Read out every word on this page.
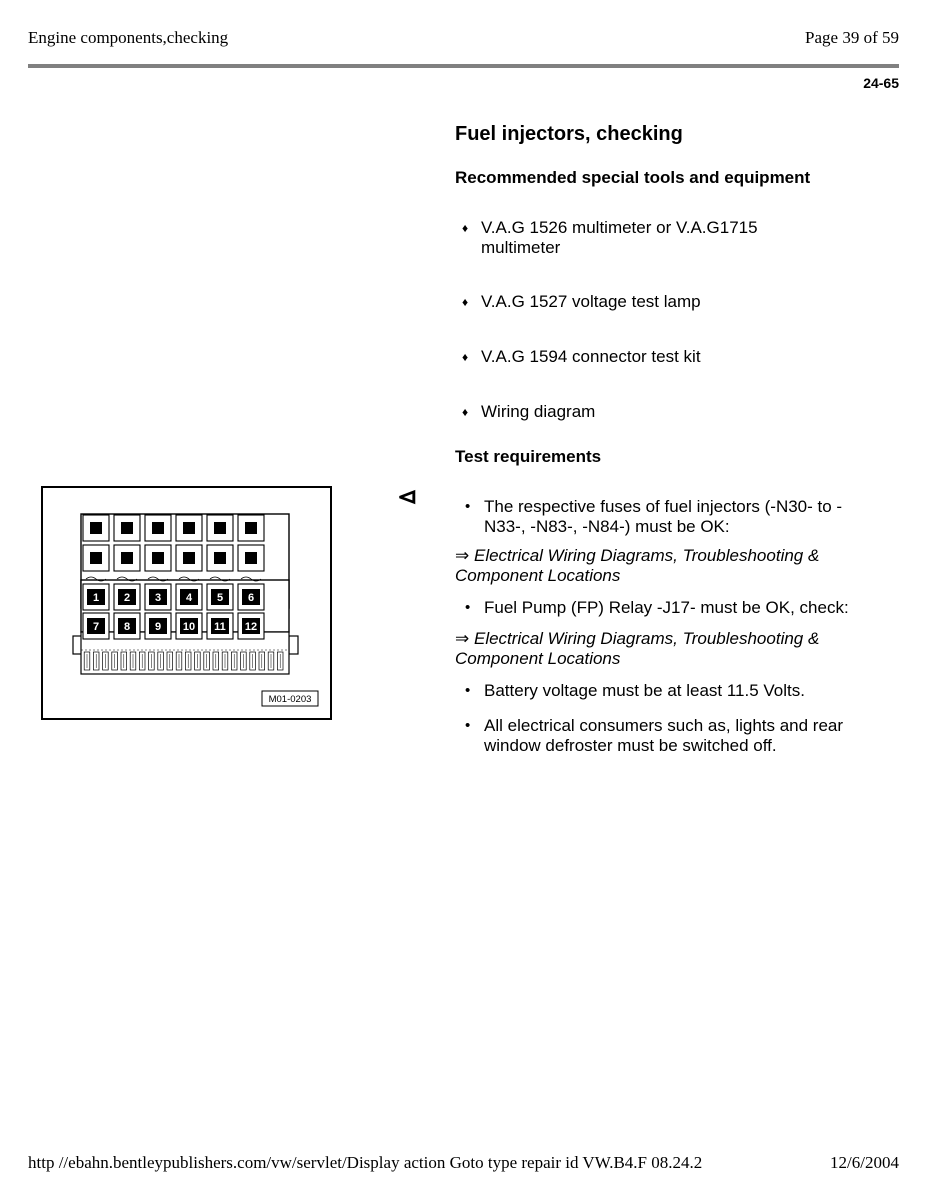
Engine components,checking	Page 39 of 59
24-65
Fuel injectors, checking
Recommended special tools and equipment
♦ V.A.G 1526 multimeter or V.A.G1715 multimeter
♦ V.A.G 1527 voltage test lamp
♦ V.A.G 1594 connector test kit
♦ Wiring diagram
Test requirements
⊲	• The respective fuses of fuel injectors (-N30- to -N33-, -N83-, -N84-) must be OK:
⇒ Electrical Wiring Diagrams, Troubleshooting & Component Locations
• Fuel Pump (FP) Relay -J17- must be OK, check:
⇒ Electrical Wiring Diagrams, Troubleshooting & Component Locations
• Battery voltage must be at least 11.5 Volts.
• All electrical consumers such as, lights and rear window defroster must be switched off.
1 2 3 4 5 6
7 8 9 10 11 12
M01-0203
http //ebahn.bentleypublishers.com/vw/servlet/Display action Goto type repair id VW.B4.F 08.24.2	12/6/2004
